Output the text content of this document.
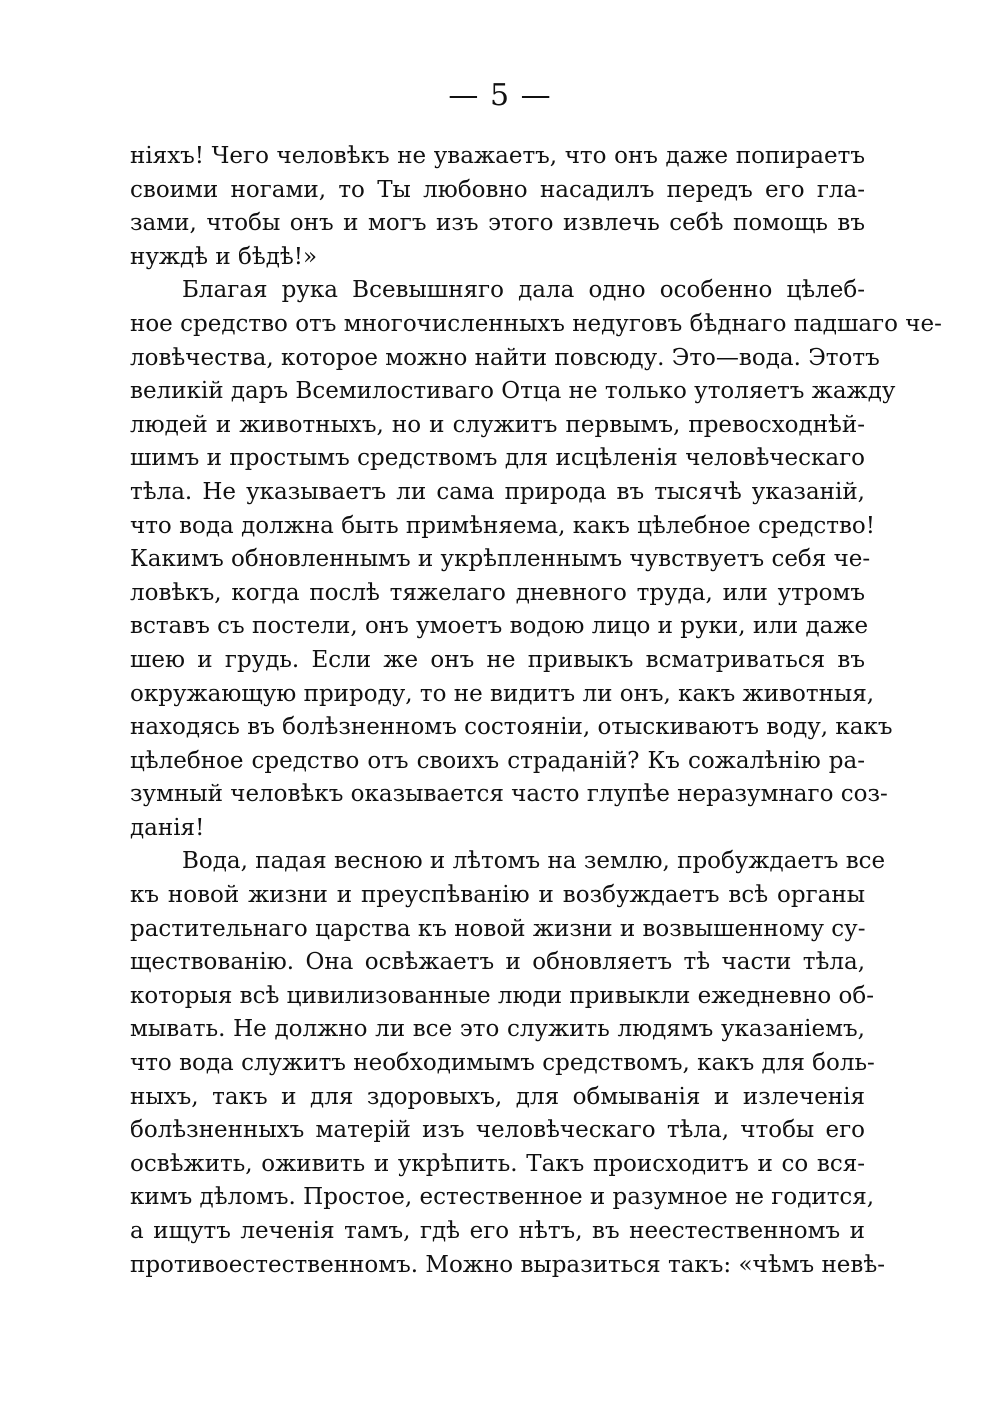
— 5 —
ніяхъ! Чего человѣкъ не уважаетъ, что онъ даже попираетъ
своими ногами, то Ты любовно насадилъ передъ его гла-
зами, чтобы онъ и могъ изъ этого извлечь себѣ помощь въ
нуждѣ и бѣдѣ!»
Благая рука Всевышняго дала одно особенно цѣлеб-
ное средство отъ многочисленныхъ недуговъ бѣднаго падшаго че-
ловѣчества, которое можно найти повсюду. Это—вода. Этотъ
великій даръ Всемилостиваго Отца не только утоляетъ жажду
людей и животныхъ, но и служитъ первымъ, превосходнѣй-
шимъ и простымъ средствомъ для исцѣленія человѣческаго
тѣла. Не указываетъ ли сама природа въ тысячѣ указаній,
что вода должна быть примѣняема, какъ цѣлебное средство!
Какимъ обновленнымъ и укрѣпленнымъ чувствуетъ себя че-
ловѣкъ, когда послѣ тяжелаго дневного труда, или утромъ
вставъ съ постели, онъ умоетъ водою лицо и руки, или даже
шею и грудь. Если же онъ не привыкъ всматриваться въ
окружающую природу, то не видитъ ли онъ, какъ животныя,
находясь въ болѣзненномъ состояніи, отыскиваютъ воду, какъ
цѣлебное средство отъ своихъ страданій? Къ сожалѣнію ра-
зумный человѣкъ оказывается часто глупѣе неразумнаго соз-
данія!
Вода, падая весною и лѣтомъ на землю, пробуждаетъ все
къ новой жизни и преуспѣванію и возбуждаетъ всѣ органы
растительнаго царства къ новой жизни и возвышенному су-
ществованію. Она освѣжаетъ и обновляетъ тѣ части тѣла,
которыя всѣ цивилизованные люди привыкли ежедневно об-
мывать. Не должно ли все это служить людямъ указаніемъ,
что вода служитъ необходимымъ средствомъ, какъ для боль-
ныхъ, такъ и для здоровыхъ, для обмыванія и излеченія
болѣзненныхъ матерій изъ человѣческаго тѣла, чтобы его
освѣжить, оживить и укрѣпить. Такъ происходитъ и со вся-
кимъ дѣломъ. Простое, естественное и разумное не годится,
а ищутъ леченія тамъ, гдѣ его нѣтъ, въ неестественномъ и
противоестественномъ. Можно выразиться такъ: «чѣмъ невѣ-
